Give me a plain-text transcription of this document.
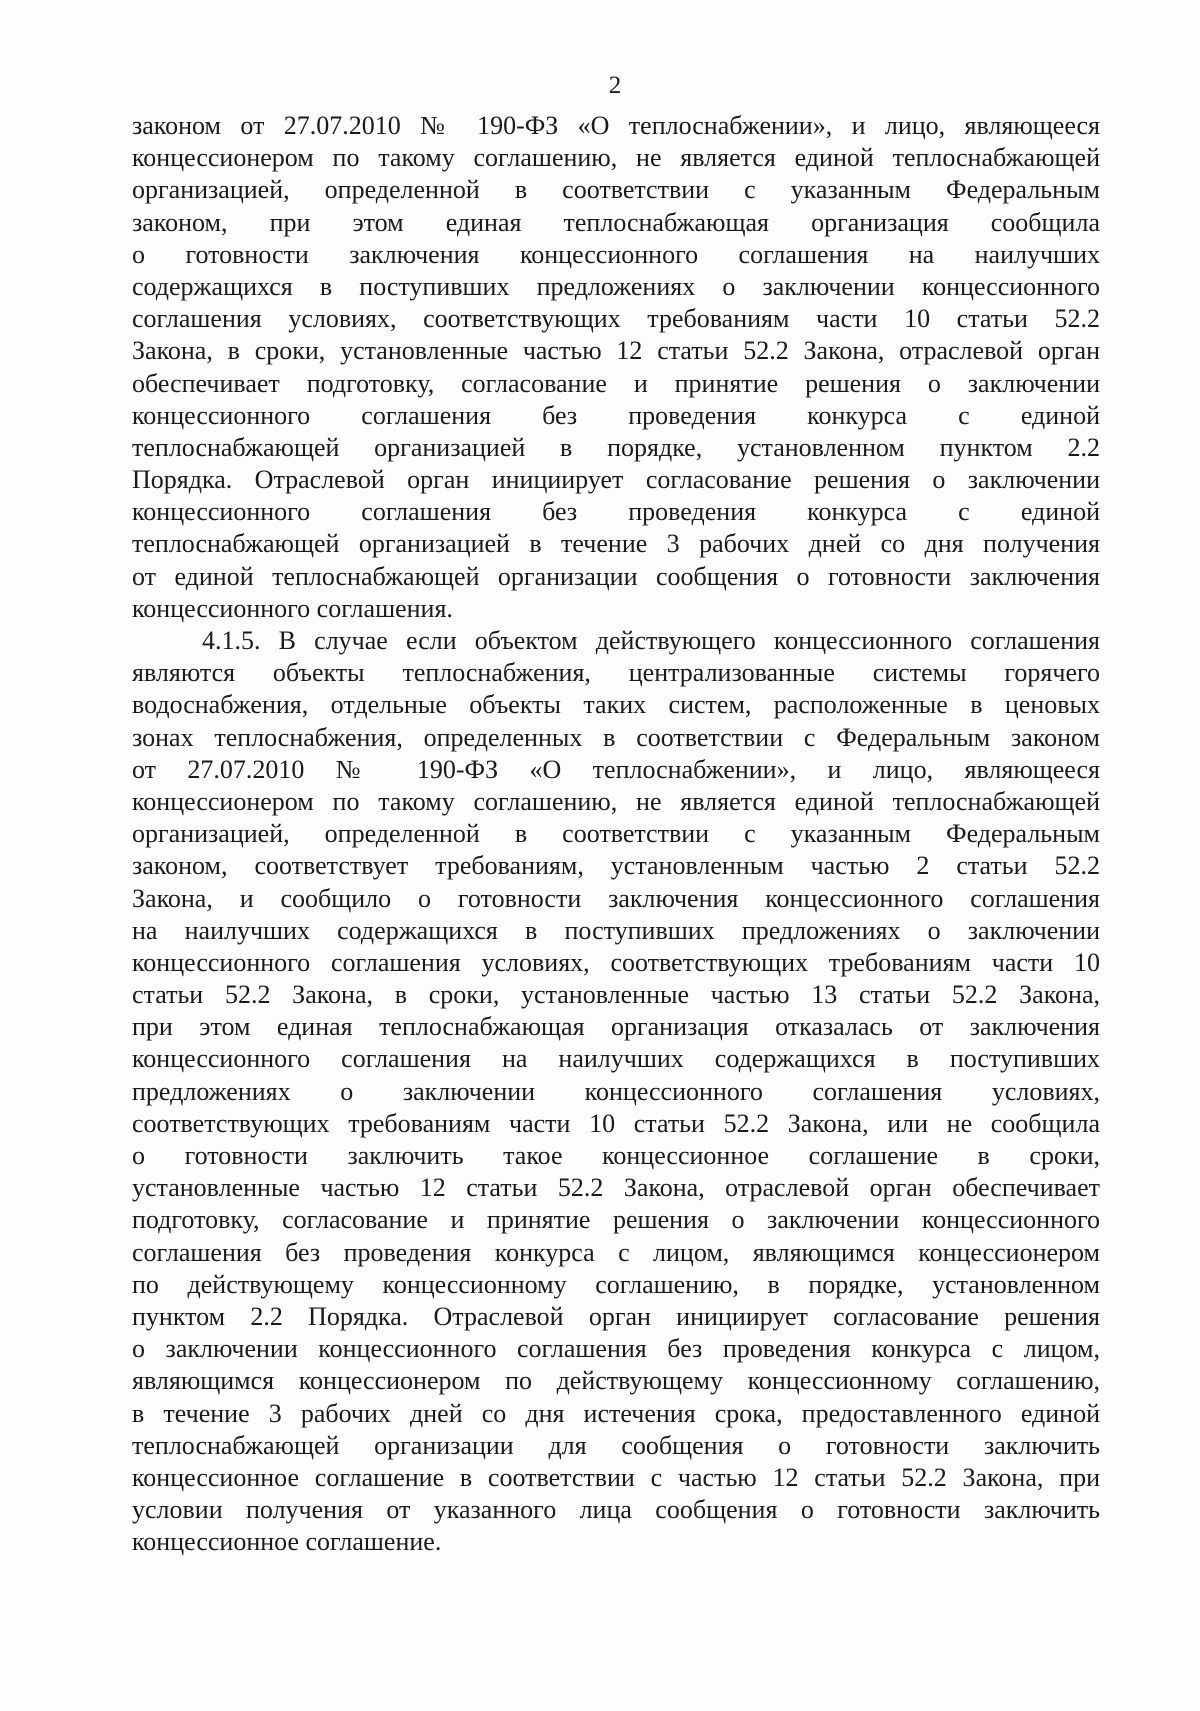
2
законом от 27.07.2010 № 190-ФЗ «О теплоснабжении», и лицо, являющееся
концессионером по такому соглашению, не является единой теплоснабжающей
организацией, определенной в соответствии с указанным Федеральным
законом, при этом единая теплоснабжающая организация сообщила
о готовности заключения концессионного соглашения на наилучших
содержащихся в поступивших предложениях о заключении концессионного
соглашения условиях, соответствующих требованиям части 10 статьи 52.2
Закона, в сроки, установленные частью 12 статьи 52.2 Закона, отраслевой орган
обеспечивает подготовку, согласование и принятие решения о заключении
концессионного соглашения без проведения конкурса с единой
теплоснабжающей организацией в порядке, установленном пунктом 2.2
Порядка. Отраслевой орган инициирует согласование решения о заключении
концессионного соглашения без проведения конкурса с единой
теплоснабжающей организацией в течение 3 рабочих дней со дня получения
от единой теплоснабжающей организации сообщения о готовности заключения
концессионного соглашения.
4.1.5. В случае если объектом действующего концессионного соглашения
являются объекты теплоснабжения, централизованные системы горячего
водоснабжения, отдельные объекты таких систем, расположенные в ценовых
зонах теплоснабжения, определенных в соответствии с Федеральным законом
от 27.07.2010 № 190-ФЗ «О теплоснабжении», и лицо, являющееся
концессионером по такому соглашению, не является единой теплоснабжающей
организацией, определенной в соответствии с указанным Федеральным
законом, соответствует требованиям, установленным частью 2 статьи 52.2
Закона, и сообщило о готовности заключения концессионного соглашения
на наилучших содержащихся в поступивших предложениях о заключении
концессионного соглашения условиях, соответствующих требованиям части 10
статьи 52.2 Закона, в сроки, установленные частью 13 статьи 52.2 Закона,
при этом единая теплоснабжающая организация отказалась от заключения
концессионного соглашения на наилучших содержащихся в поступивших
предложениях о заключении концессионного соглашения условиях,
соответствующих требованиям части 10 статьи 52.2 Закона, или не сообщила
о готовности заключить такое концессионное соглашение в сроки,
установленные частью 12 статьи 52.2 Закона, отраслевой орган обеспечивает
подготовку, согласование и принятие решения о заключении концессионного
соглашения без проведения конкурса с лицом, являющимся концессионером
по действующему концессионному соглашению, в порядке, установленном
пунктом 2.2 Порядка. Отраслевой орган инициирует согласование решения
о заключении концессионного соглашения без проведения конкурса с лицом,
являющимся концессионером по действующему концессионному соглашению,
в течение 3 рабочих дней со дня истечения срока, предоставленного единой
теплоснабжающей организации для сообщения о готовности заключить
концессионное соглашение в соответствии с частью 12 статьи 52.2 Закона, при
условии получения от указанного лица сообщения о готовности заключить
концессионное соглашение.
